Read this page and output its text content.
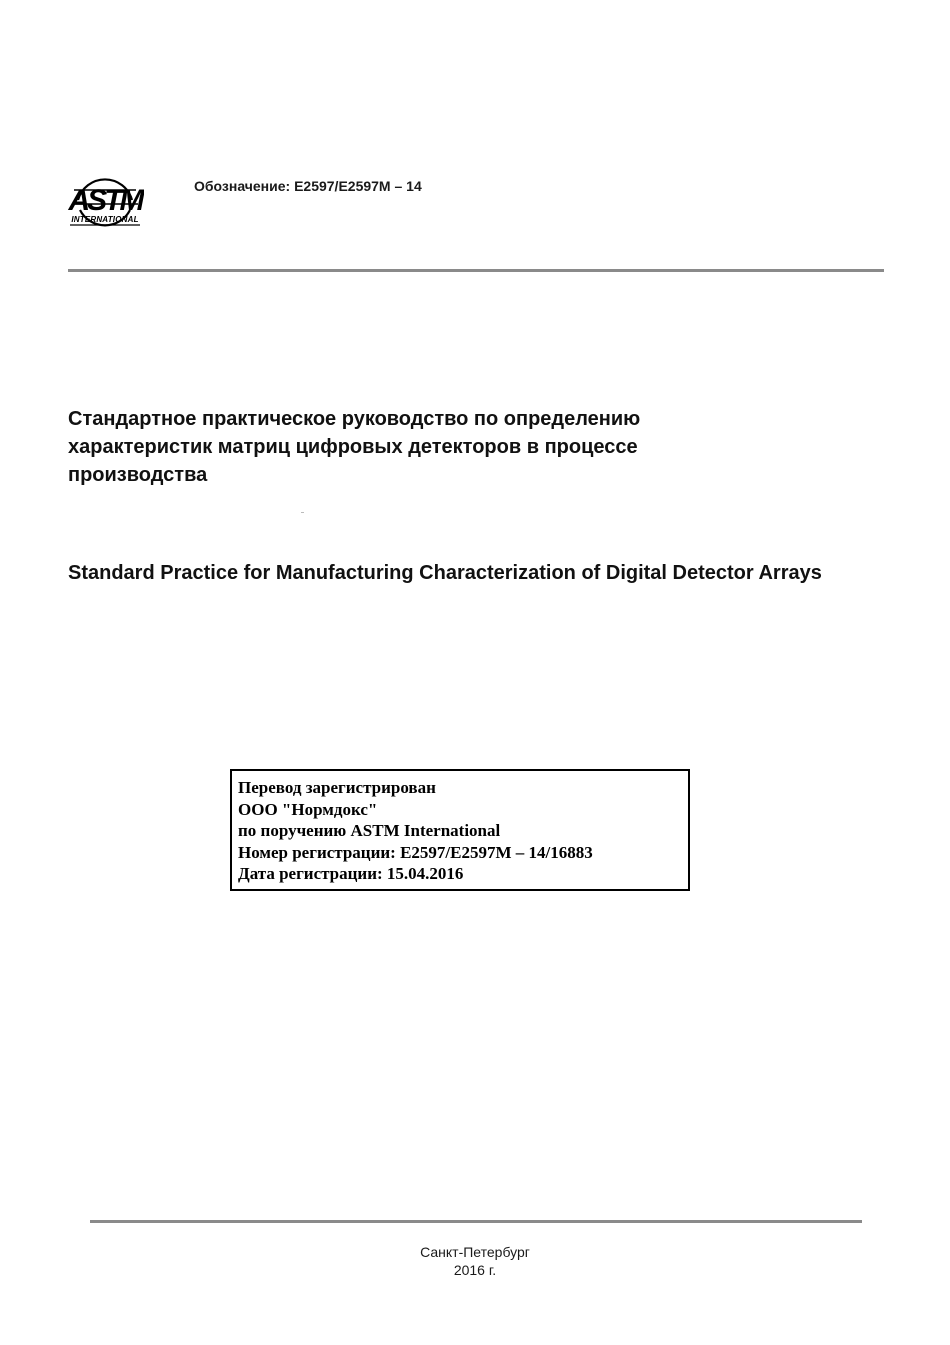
ASTM
INTERNATIONAL
Обозначение: E2597/E2597M – 14
Стандартное практическое руководство по определению характеристик матриц цифровых детекторов в процессе производства
Standard Practice for Manufacturing Characterization of Digital Detector Arrays
Перевод зарегистрирован
ООО "Нормдокс"
по поручению ASTM International
Номер регистрации: E2597/E2597M – 14/16883
Дата регистрации: 15.04.2016
Санкт-Петербург
2016 г.
